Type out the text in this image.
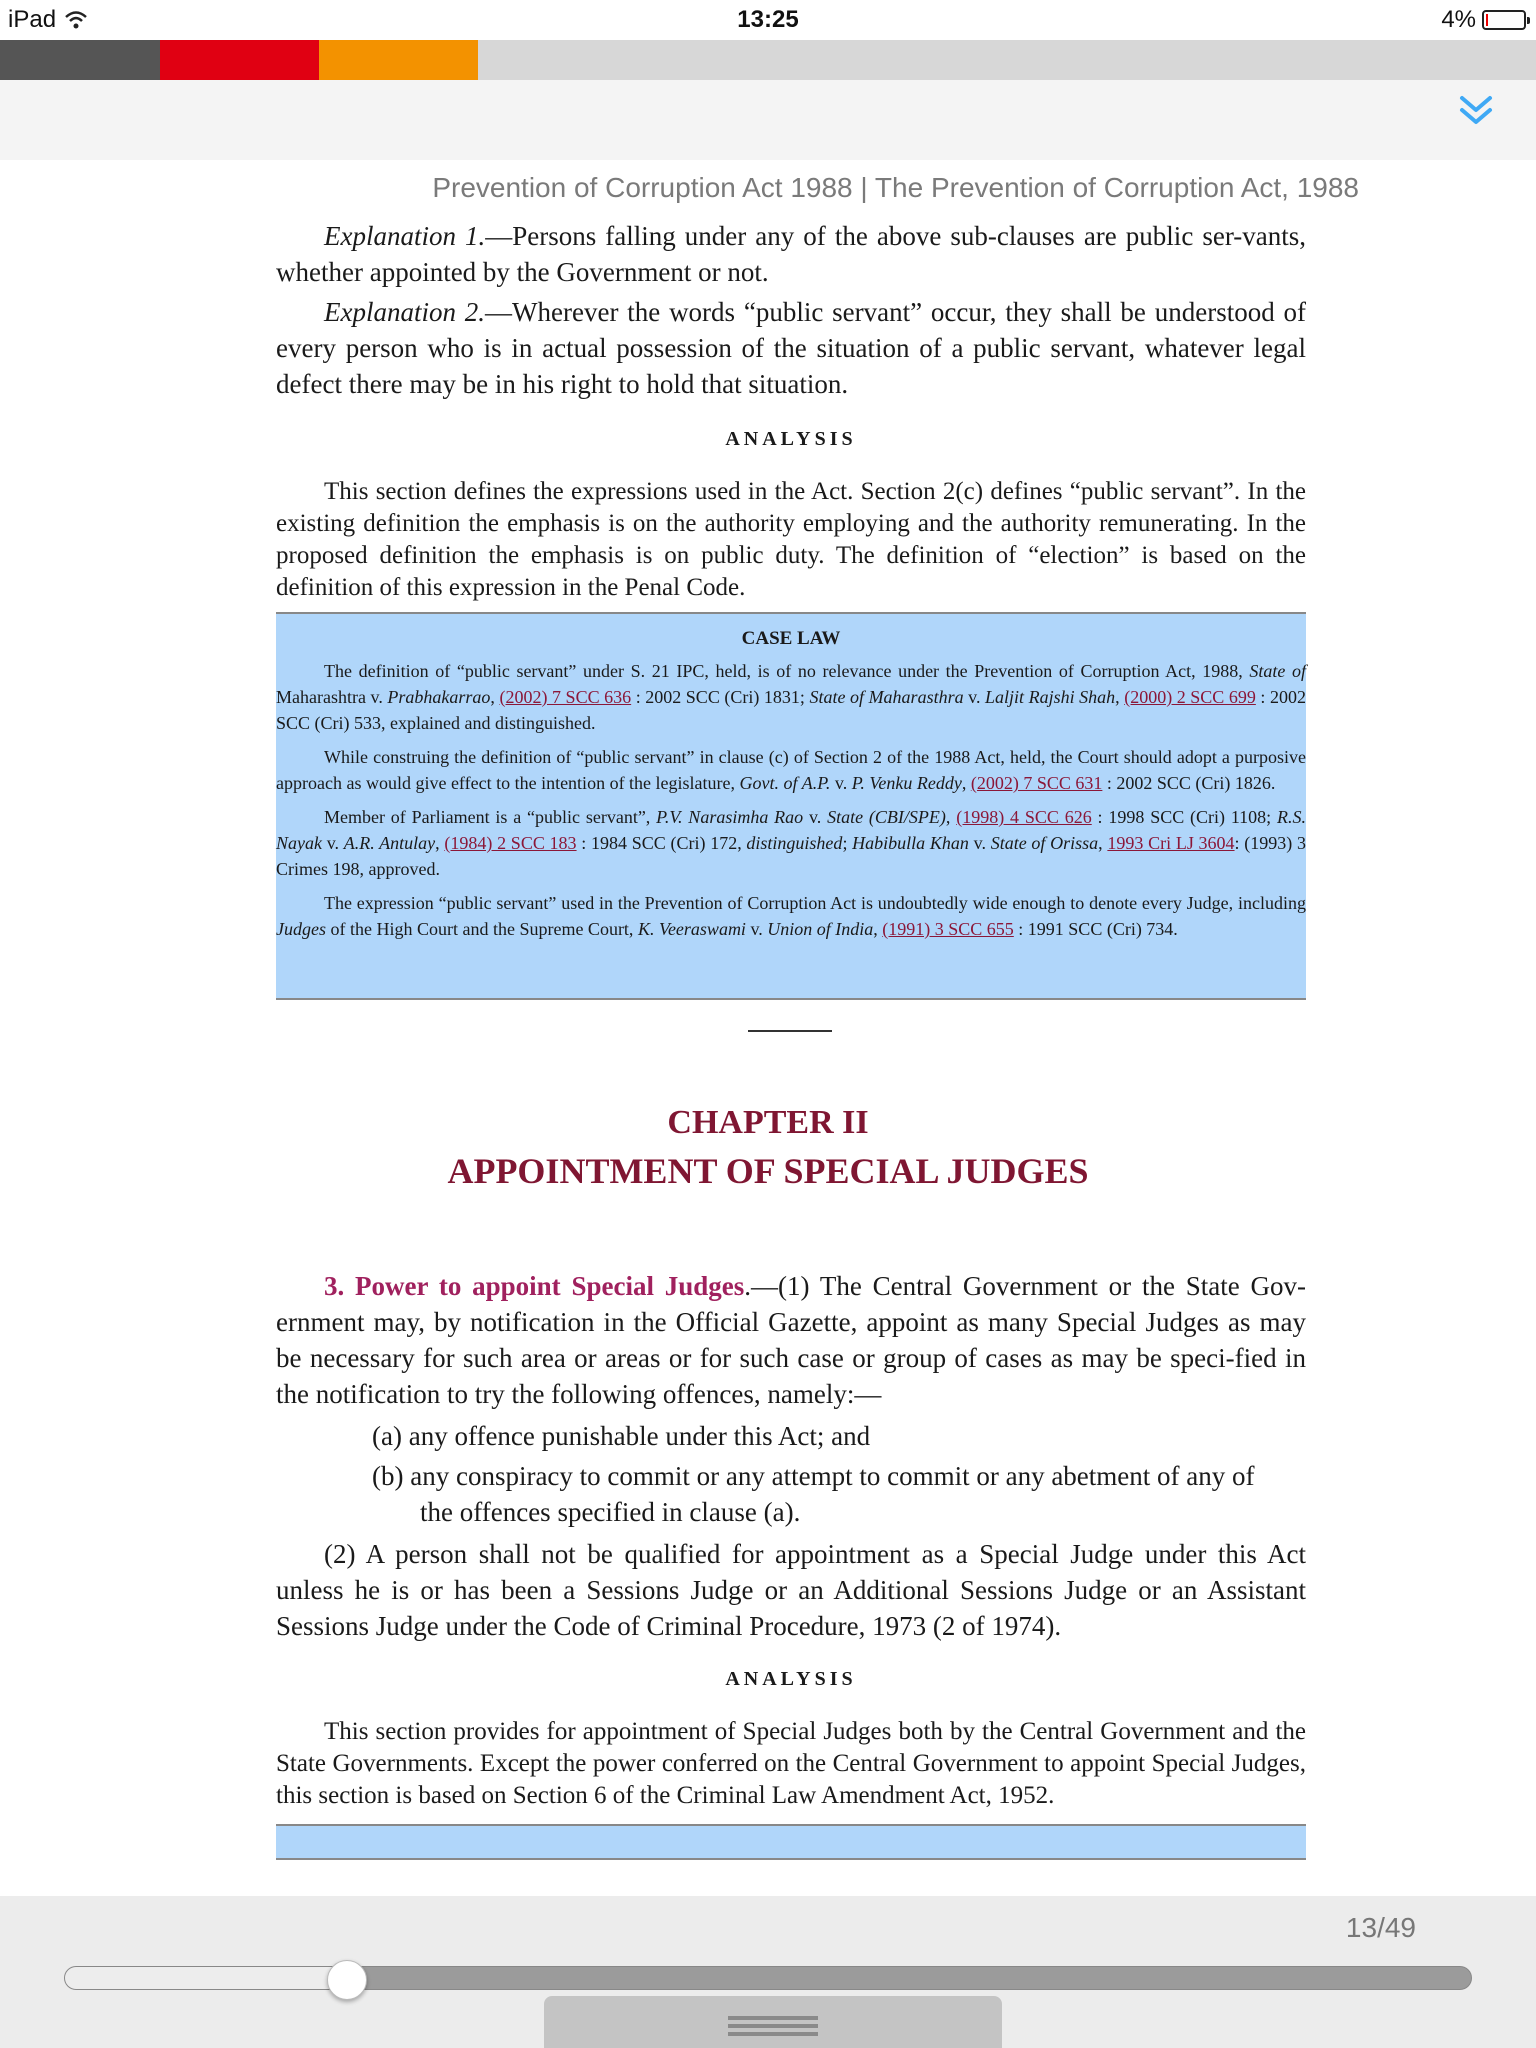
iPad	13:25	4%
Prevention of Corruption Act 1988 | The Prevention of Corruption Act, 1988

Explanation 1.—Persons falling under any of the above sub-clauses are public ser-vants, whether appointed by the Government or not.

Explanation 2.—Wherever the words “public servant” occur, they shall be understood of every person who is in actual possession of the situation of a public servant, whatever legal defect there may be in his right to hold that situation.

ANALYSIS

This section defines the expressions used in the Act. Section 2(c) defines “public servant”. In the existing definition the emphasis is on the authority employing and the authority remunerating. In the proposed definition the emphasis is on public duty. The definition of “election” is based on the definition of this expression in the Penal Code.

CASE LAW

The definition of “public servant” under S. 21 IPC, held, is of no relevance under the Prevention of Corruption Act, 1988, State of Maharashtra v. Prabhakarrao, (2002) 7 SCC 636 : 2002 SCC (Cri) 1831; State of Maharasthra v. Laljit Rajshi Shah, (2000) 2 SCC 699 : 2002 SCC (Cri) 533, explained and distinguished.

While construing the definition of “public servant” in clause (c) of Section 2 of the 1988 Act, held, the Court should adopt a purposive approach as would give effect to the intention of the legislature, Govt. of A.P. v. P. Venku Reddy, (2002) 7 SCC 631 : 2002 SCC (Cri) 1826.

Member of Parliament is a “public servant”, P.V. Narasimha Rao v. State (CBI/SPE), (1998) 4 SCC 626 : 1998 SCC (Cri) 1108; R.S. Nayak v. A.R. Antulay, (1984) 2 SCC 183 : 1984 SCC (Cri) 172, distinguished; Habibulla Khan v. State of Orissa, 1993 Cri LJ 3604: (1993) 3 Crimes 198, approved.

The expression “public servant” used in the Prevention of Corruption Act is undoubtedly wide enough to denote every Judge, including Judges of the High Court and the Supreme Court, K. Veeraswami v. Union of India, (1991) 3 SCC 655 : 1991 SCC (Cri) 734.

CHAPTER II
APPOINTMENT OF SPECIAL JUDGES

3. Power to appoint Special Judges.—(1) The Central Government or the State Gov-ernment may, by notification in the Official Gazette, appoint as many Special Judges as may be necessary for such area or areas or for such case or group of cases as may be speci-fied in the notification to try the following offences, namely:—

(a) any offence punishable under this Act; and

(b) any conspiracy to commit or any attempt to commit or any abetment of any of
the offences specified in clause (a).

(2) A person shall not be qualified for appointment as a Special Judge under this Act unless he is or has been a Sessions Judge or an Additional Sessions Judge or an Assistant Sessions Judge under the Code of Criminal Procedure, 1973 (2 of 1974).

ANALYSIS

This section provides for appointment of Special Judges both by the Central Government and the State Governments. Except the power conferred on the Central Government to appoint Special Judges, this section is based on Section 6 of the Criminal Law Amendment Act, 1952.

13/49
